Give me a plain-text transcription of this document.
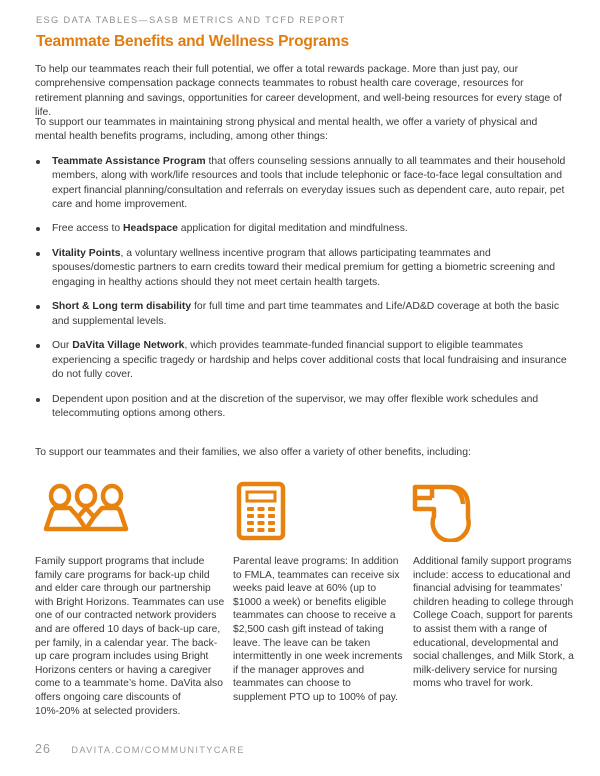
ESG DATA TABLES—SASB METRICS AND TCFD REPORT
Teammate Benefits and Wellness Programs

To help our teammates reach their full potential, we offer a total rewards package. More than just pay, our comprehensive compensation package connects teammates to robust health care coverage, resources for retirement planning and savings, opportunities for career development, and well-being resources for every stage of life.

To support our teammates in maintaining strong physical and mental health, we offer a variety of physical and mental health benefits programs, including, among other things:

Teammate Assistance Program that offers counseling sessions annually to all teammates and their household members, along with work/life resources and tools that include telephonic or face-to-face legal consultation and expert financial planning/consultation and referrals on everyday issues such as dependent care, auto repair, pet care and home improvement.
Free access to Headspace application for digital meditation and mindfulness.
Vitality Points, a voluntary wellness incentive program that allows participating teammates and spouses/domestic partners to earn credits toward their medical premium for getting a biometric screening and engaging in healthy actions should they not meet certain health targets.
Short & Long term disability for full time and part time teammates and Life/AD&D coverage at both the basic and supplemental levels.
Our DaVita Village Network, which provides teammate-funded financial support to eligible teammates experiencing a specific tragedy or hardship and helps cover additional costs that local fundraising and insurance do not fully cover.
Dependent upon position and at the discretion of the supervisor, we may offer flexible work schedules and telecommuting options among others.

To support our teammates and their families, we also offer a variety of other benefits, including:

Family support programs that include family care programs for back-up child and elder care through our partnership with Bright Horizons. Teammates can use one of our contracted network providers and are offered 10 days of back-up care, per family, in a calendar year. The back-up care program includes using Bright Horizons centers or having a caregiver come to a teammate’s home. DaVita also offers ongoing care discounts of 10%-20% at selected providers.

Parental leave programs: In addition to FMLA, teammates can receive six weeks paid leave at 60% (up to $1000 a week) or benefits eligible teammates can choose to receive a $2,500 cash gift instead of taking leave. The leave can be taken intermittently in one week increments if the manager approves and teammates can choose to supplement PTO up to 100% of pay.

Additional family support programs include: access to educational and financial advising for teammates’ children heading to college through College Coach, support for parents to assist them with a range of educational, developmental and social challenges, and Milk Stork, a milk-delivery service for nursing moms who travel for work.

26 DAVITA.COM/COMMUNITYCARE
